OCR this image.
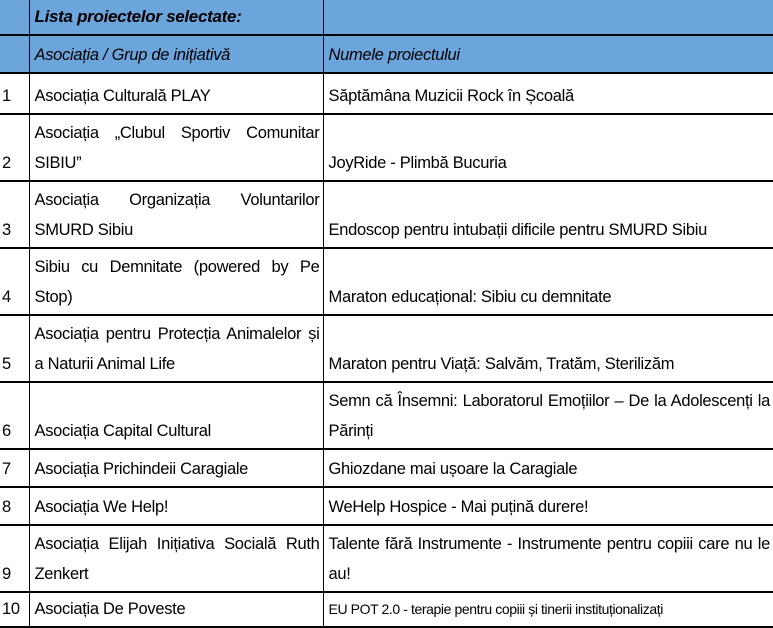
	Lista proiectelor selectate:	
	Asociația / Grup de inițiativă	Numele proiectului
1	Asociația Culturală PLAY	Săptămâna Muzicii Rock în Școală
2	Asociația „Clubul Sportiv Comunitar SIBIU”	JoyRide - Plimbă Bucuria
3	Asociația Organizația Voluntarilor SMURD Sibiu	Endoscop pentru intubații dificile pentru SMURD Sibiu
4	Sibiu cu Demnitate (powered by Pe Stop)	Maraton educațional: Sibiu cu demnitate
5	Asociația pentru Protecția Animalelor și a Naturii Animal Life	Maraton pentru Viață: Salvăm, Tratăm, Sterilizăm
6	Asociația Capital Cultural	Semn că Însemni: Laboratorul Emoțiilor – De la Adolescenți la Părinți
7	Asociația Prichindeii Caragiale	Ghiozdane mai ușoare la Caragiale
8	Asociația We Help!	WeHelp Hospice - Mai puțină durere!
9	Asociația Elijah Inițiativa Socială Ruth Zenkert	Talente fără Instrumente - Instrumente pentru copiii care nu le au!
10	Asociația De Poveste	EU POT 2.0 - terapie pentru copiii și tinerii instituționalizați
